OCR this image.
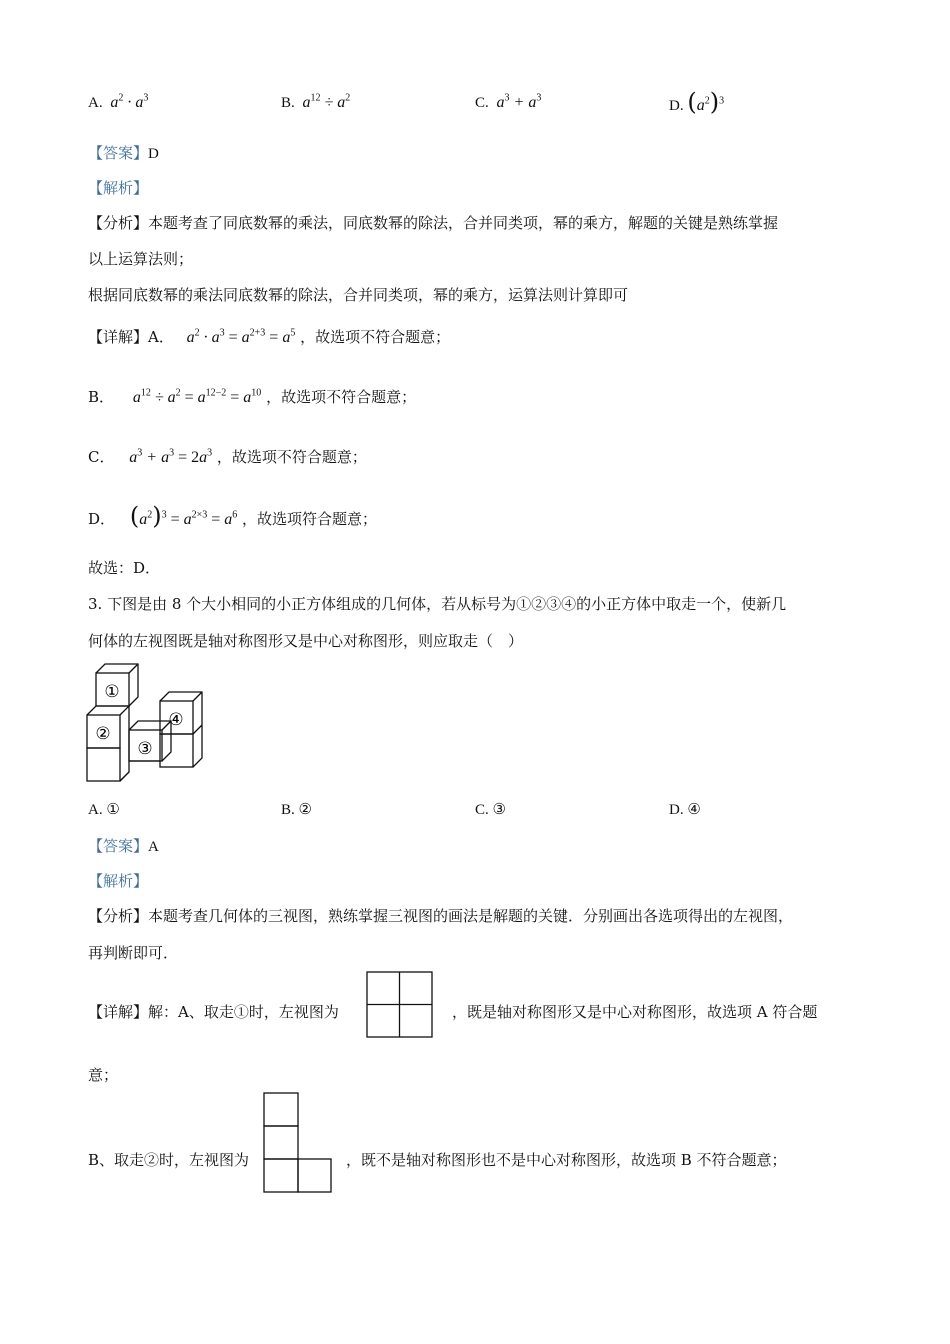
A.  $a^2 \cdot a^3$	B.  $a^{12} \div a^2$	C.  $a^3 + a^3$	D. $(a^2)^3$
【答案】D
【解析】
【分析】本题考查了同底数幂的乘法，同底数幂的除法，合并同类项，幂的乘方，解题的关键是熟练掌握
以上运算法则；
根据同底数幂的乘法同底数幂的除法，合并同类项，幂的乘方，运算法则计算即可
【详解】A． $a^2 \cdot a^3 = a^{2+3} = a^5$ ，故选项不符合题意；
B． $a^{12} \div a^2 = a^{12-2} = a^{10}$ ，故选项不符合题意；
C． $a^3 + a^3 = 2a^3$ ，故选项不符合题意；
D． $(a^2)^3 = a^{2\times 3} = a^6$ ，故选项符合题意；
故选：D．
3. 下图是由 8 个大小相同的小正方体组成的几何体，若从标号为①②③④的小正方体中取走一个，使新几
何体的左视图既是轴对称图形又是中心对称图形，则应取走（　）
①
②
③
④
A. ①	B. ②	C. ③	D. ④
【答案】A
【解析】
【分析】本题考查几何体的三视图，熟练掌握三视图的画法是解题的关键．分别画出各选项得出的左视图，
再判断即可．
【详解】解：A、取走①时，左视图为	，既是轴对称图形又是中心对称图形，故选项 A 符合题
意；
B、取走②时，左视图为	，既不是轴对称图形也不是中心对称图形，故选项 B 不符合题意；
